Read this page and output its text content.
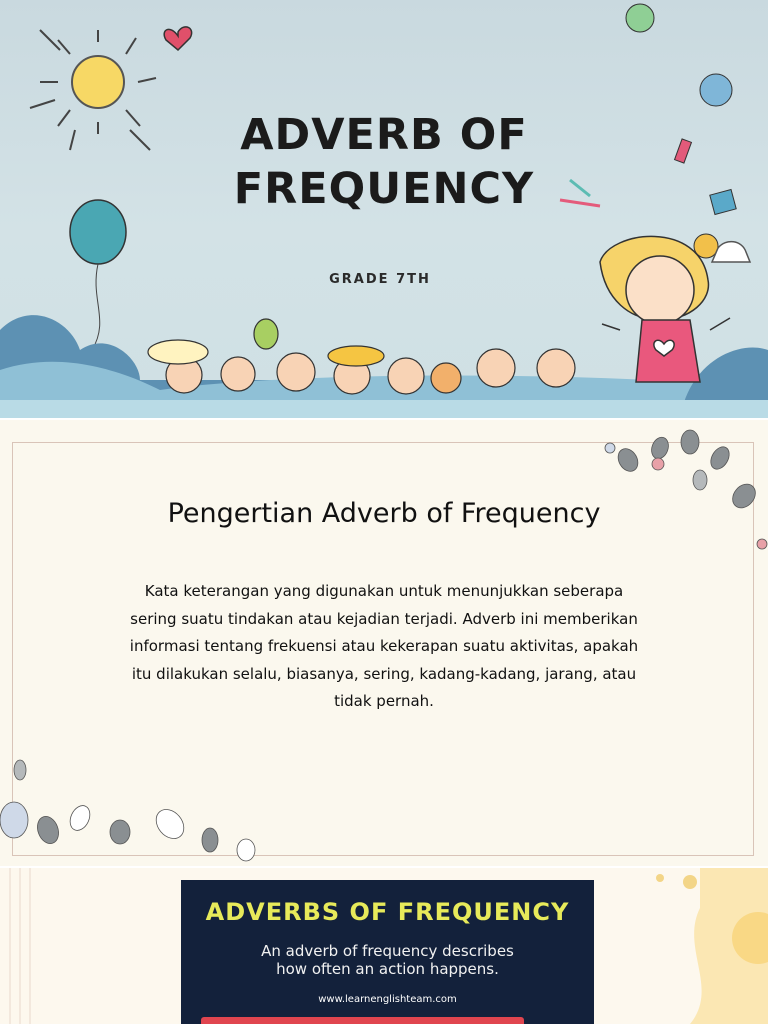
ADVERB OF
FREQUENCY
GRADE 7TH
Pengertian Adverb of Frequency
Kata keterangan yang digunakan untuk menunjukkan seberapa sering suatu tindakan atau kejadian terjadi. Adverb ini memberikan informasi tentang frekuensi atau kekerapan suatu aktivitas, apakah itu dilakukan selalu, biasanya, sering, kadang-kadang, jarang, atau tidak pernah.
ADVERBS OF FREQUENCY
An adverb of frequency describes
how often an action happens.
www.learnenglishteam.com
